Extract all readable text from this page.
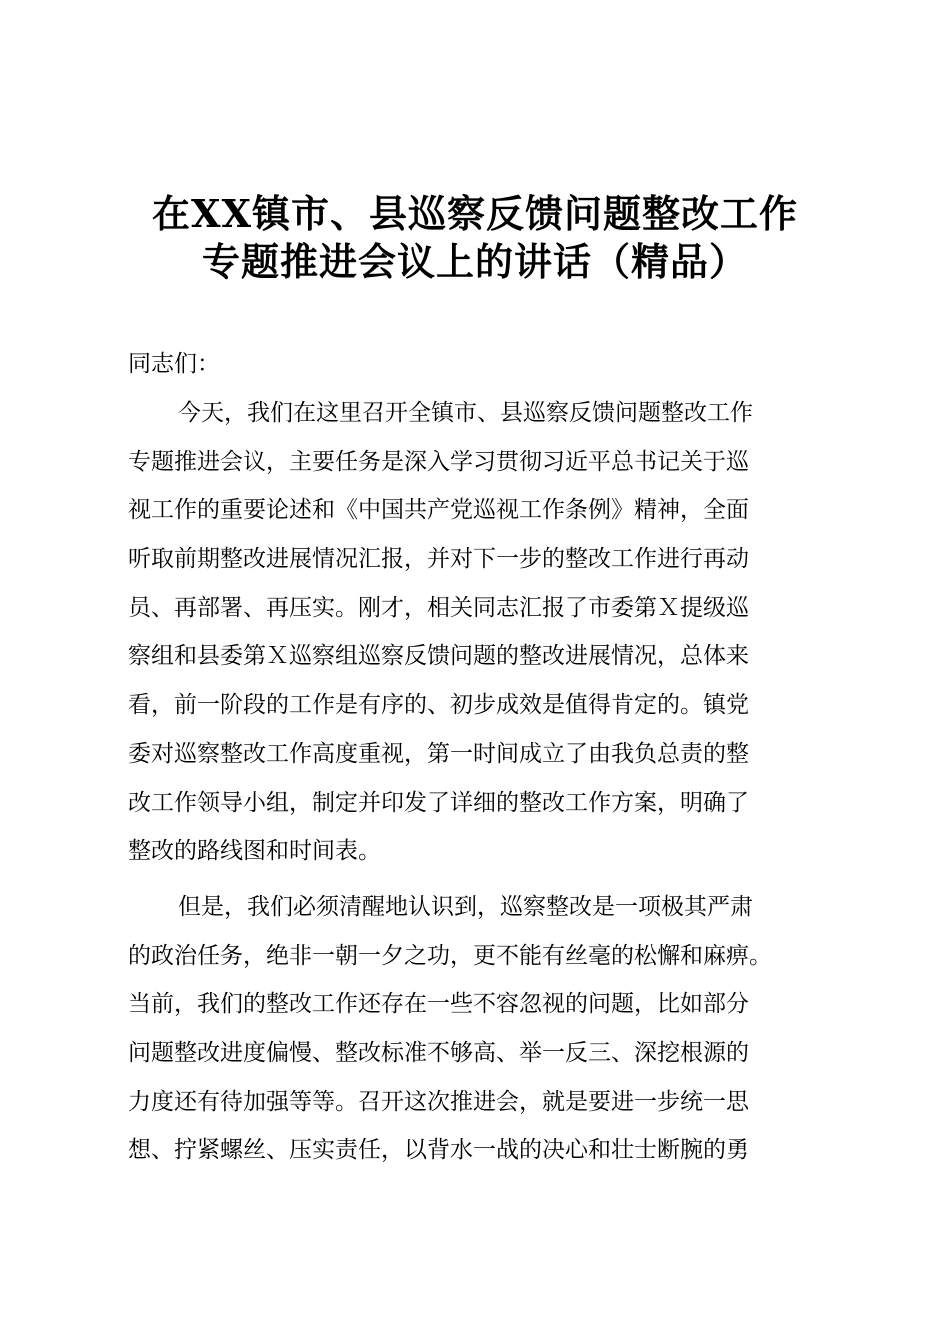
在XX镇市、县巡察反馈问题整改工作
专题推进会议上的讲话（精品）
同志们：
今天，我们在这里召开全镇市、县巡察反馈问题整改工作
专题推进会议，主要任务是深入学习贯彻习近平总书记关于巡
视工作的重要论述和《中国共产党巡视工作条例》精神，全面
听取前期整改进展情况汇报，并对下一步的整改工作进行再动
员、再部署、再压实。刚才，相关同志汇报了市委第Ｘ提级巡
察组和县委第Ｘ巡察组巡察反馈问题的整改进展情况，总体来
看，前一阶段的工作是有序的、初步成效是值得肯定的。镇党
委对巡察整改工作高度重视，第一时间成立了由我负总责的整
改工作领导小组，制定并印发了详细的整改工作方案，明确了
整改的路线图和时间表。
但是，我们必须清醒地认识到，巡察整改是一项极其严肃
的政治任务，绝非一朝一夕之功，更不能有丝毫的松懈和麻痹。
当前，我们的整改工作还存在一些不容忽视的问题，比如部分
问题整改进度偏慢、整改标准不够高、举一反三、深挖根源的
力度还有待加强等等。召开这次推进会，就是要进一步统一思
想、拧紧螺丝、压实责任，以背水一战的决心和壮士断腕的勇
